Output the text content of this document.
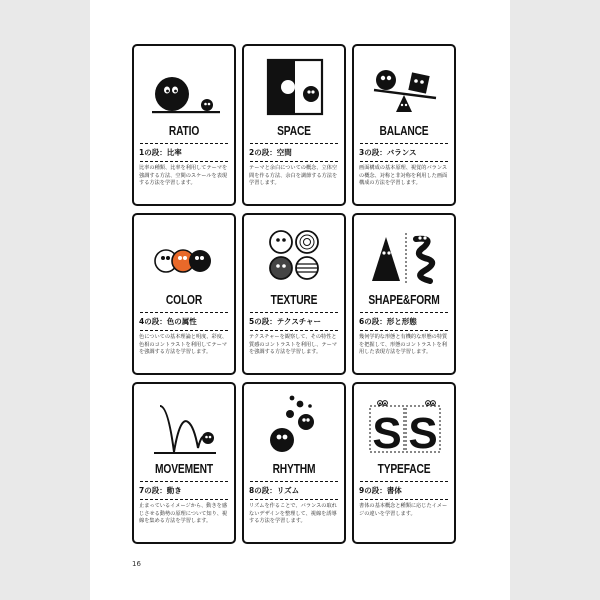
RATIO
1の段：比率
比率の種類、比率を利用してテーマを強調する方法、空間のスケールを表現する方法を学習します。
SPACE
2の段：空間
テーマと余白についての概念、立体空間を作る方法、余白を調節する方法を学習します。
BALANCE
3の段：バランス
画面構成の基本原理、視覚的バランスの概念、対称と非対称を利用した画面構成の方法を学習します。
COLOR
4の段：色の属性
色についての基本理論と明度、彩度、色相のコントラストを利用してテーマを強調する方法を学習します。
TEXTURE
5の段：テクスチャー
テクスチャーを観察して、その特性と質感のコントラストを利用し、テーマを強調する方法を学習します。
SHAPE&FORM
6の段：形と形態
幾何学的な形態と有機的な形態の特質を把握して、形態のコントラストを利用した表現方法を学習します。
MOVEMENT
7の段：動き
止まっているイメージから、動きを感じさせる動勢の原理について知り、視線を集める方法を学習します。
RHYTHM
8の段：リズム
リズムを作ることで、バランスの取れないデザインを整理して、視線を誘導する方法を学習します。
S S
TYPEFACE
9の段：書体
書体の基本概念と種類に応じたイメージの違いを学習します。
16
